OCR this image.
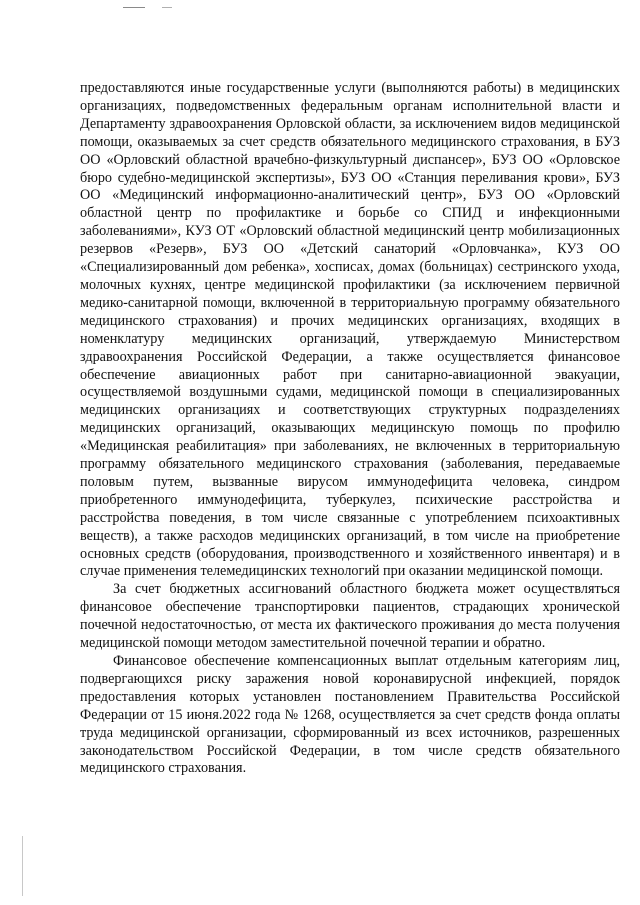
предоставляются иные государственные услуги (выполняются работы) в медицинских организациях, подведомственных федеральным органам исполнительной власти и Департаменту здравоохранения Орловской области, за исключением видов медицинской помощи, оказываемых за счет средств обязательного медицинского страхования, в БУЗ ОО «Орловский областной врачебно-физкультурный диспансер», БУЗ ОО «Орловское бюро судебно-медицинской экспертизы», БУЗ ОО «Станция переливания крови», БУЗ ОО «Медицинский информационно-аналитический центр», БУЗ ОО «Орловский областной центр по профилактике и борьбе со СПИД и инфекционными заболеваниями», КУЗ ОТ «Орловский областной медицинский центр мобилизационных резервов «Резерв», БУЗ ОО «Детский санаторий «Орловчанка», КУЗ ОО «Специализированный дом ребенка», хосписах, домах (больницах) сестринского ухода, молочных кухнях, центре медицинской профилактики (за исключением первичной медико-санитарной помощи, включенной в территориальную программу обязательного медицинского страхования) и прочих медицинских организациях, входящих в номенклатуру медицинских организаций, утверждаемую Министерством здравоохранения Российской Федерации, а также осуществляется финансовое обеспечение авиационных работ при санитарно-авиационной эвакуации, осуществляемой воздушными судами, медицинской помощи в специализированных медицинских организациях и соответствующих структурных подразделениях медицинских организаций, оказывающих медицинскую помощь по профилю «Медицинская реабилитация» при заболеваниях, не включенных в территориальную программу обязательного медицинского страхования (заболевания, передаваемые половым путем, вызванные вирусом иммунодефицита человека, синдром приобретенного иммунодефицита, туберкулез, психические расстройства и расстройства поведения, в том числе связанные с употреблением психоактивных веществ), а также расходов медицинских организаций, в том числе на приобретение основных средств (оборудования, производственного и хозяйственного инвентаря) и в случае применения телемедицинских технологий при оказании медицинской помощи.

За счет бюджетных ассигнований областного бюджета может осуществляться финансовое обеспечение транспортировки пациентов, страдающих хронической почечной недостаточностью, от места их фактического проживания до места получения медицинской помощи методом заместительной почечной терапии и обратно.

Финансовое обеспечение компенсационных выплат отдельным категориям лиц, подвергающихся риску заражения новой коронавирусной инфекцией, порядок предоставления которых установлен постановлением Правительства Российской Федерации от 15 июня.2022 года № 1268, осуществляется за счет средств фонда оплаты труда медицинской организации, сформированный из всех источников, разрешенных законодательством Российской Федерации, в том числе средств обязательного медицинского страхования.
